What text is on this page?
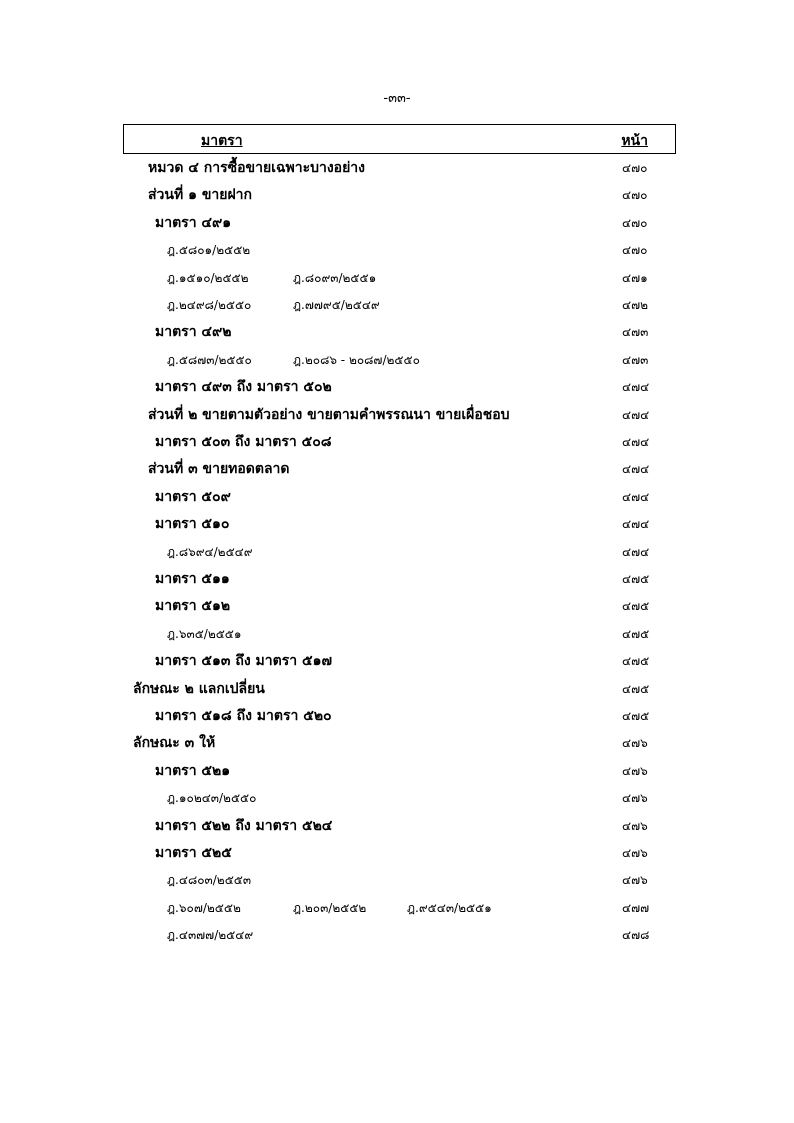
-๓๓-
มาตรา	หน้า
หมวด ๔ การซื้อขายเฉพาะบางอย่าง	๔๗๐
ส่วนที่ ๑ ขายฝาก	๔๗๐
มาตรา ๔๙๑	๔๗๐
ฎ.๕๘๐๑/๒๕๕๒	๔๗๐
ฎ.๑๕๑๐/๒๕๕๒	ฎ.๘๐๙๓/๒๕๕๑	๔๗๑
ฎ.๒๔๙๘/๒๕๕๐	ฎ.๗๗๙๕/๒๕๔๙	๔๗๒
มาตรา ๔๙๒	๔๗๓
ฎ.๕๘๗๓/๒๕๕๐	ฎ.๒๐๘๖ - ๒๐๘๗/๒๕๕๐	๔๗๓
มาตรา ๔๙๓ ถึง มาตรา ๕๐๒	๔๗๔
ส่วนที่ ๒ ขายตามตัวอย่าง ขายตามคำพรรณนา ขายเผื่อชอบ	๔๗๔
มาตรา ๕๐๓ ถึง มาตรา ๕๐๘	๔๗๔
ส่วนที่ ๓ ขายทอดตลาด	๔๗๔
มาตรา ๕๐๙	๔๗๔
มาตรา ๕๑๐	๔๗๔
ฎ.๘๖๙๔/๒๕๔๙	๔๗๔
มาตรา ๕๑๑	๔๗๕
มาตรา ๕๑๒	๔๗๕
ฎ.๖๓๕/๒๕๕๑	๔๗๕
มาตรา ๕๑๓ ถึง มาตรา ๕๑๗	๔๗๕
ลักษณะ ๒ แลกเปลี่ยน	๔๗๕
มาตรา ๕๑๘ ถึง มาตรา ๕๒๐	๔๗๕
ลักษณะ ๓ ให้	๔๗๖
มาตรา ๕๒๑	๔๗๖
ฎ.๑๐๒๔๓/๒๕๕๐	๔๗๖
มาตรา ๕๒๒ ถึง มาตรา ๕๒๔	๔๗๖
มาตรา ๕๒๕	๔๗๖
ฎ.๔๘๐๓/๒๕๕๓	๔๗๖
ฎ.๖๐๗/๒๕๕๒	ฎ.๒๐๓/๒๕๕๒	ฎ.๙๕๔๓/๒๕๕๑	๔๗๗
ฎ.๔๓๗๗/๒๕๔๙	๔๗๘
